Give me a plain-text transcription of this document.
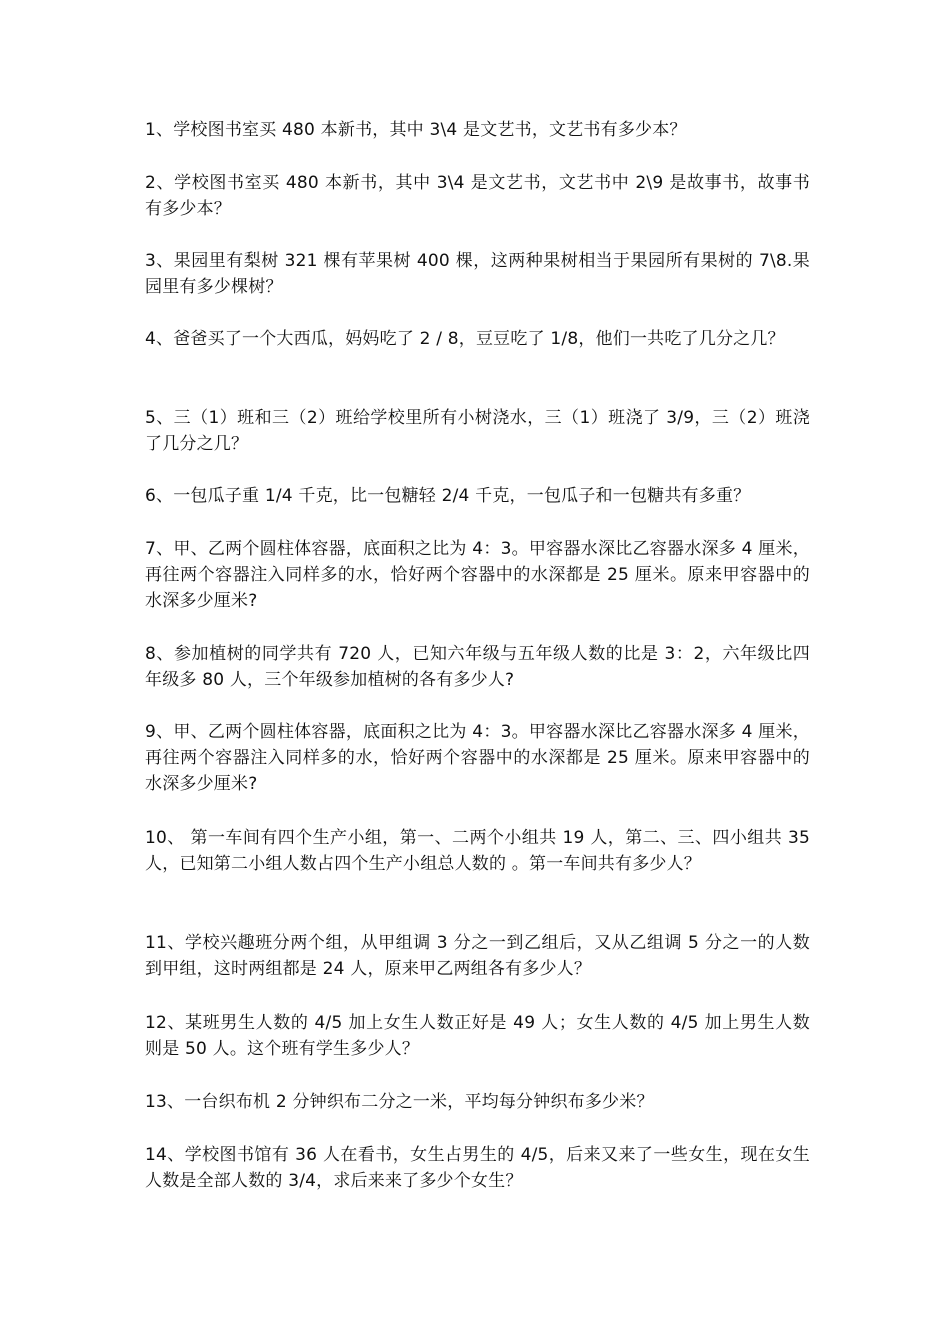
1、学校图书室买 480 本新书，其中 3\4 是文艺书，文艺书有多少本？

2、学校图书室买 480 本新书，其中 3\4 是文艺书，文艺书中 2\9 是故事书，故事书有多少本？

3、果园里有梨树 321 棵有苹果树 400 棵，这两种果树相当于果园所有果树的 7\8.果园里有多少棵树？

4、爸爸买了一个大西瓜，妈妈吃了 2 / 8，豆豆吃了 1/8，他们一共吃了几分之几？

5、三（1）班和三（2）班给学校里所有小树浇水，三（1）班浇了 3/9，三（2）班浇了几分之几？

6、一包瓜子重 1/4 千克，比一包糖轻 2/4 千克，一包瓜子和一包糖共有多重？

7、甲、乙两个圆柱体容器，底面积之比为 4：3。甲容器水深比乙容器水深多 4 厘米，再往两个容器注入同样多的水，恰好两个容器中的水深都是 25 厘米。原来甲容器中的水深多少厘米?

8、参加植树的同学共有 720 人，已知六年级与五年级人数的比是 3：2，六年级比四年级多 80 人，三个年级参加植树的各有多少人?

9、甲、乙两个圆柱体容器，底面积之比为 4：3。甲容器水深比乙容器水深多 4 厘米，再往两个容器注入同样多的水，恰好两个容器中的水深都是 25 厘米。原来甲容器中的水深多少厘米?

10、 第一车间有四个生产小组，第一、二两个小组共 19 人，第二、三、四小组共 35 人，已知第二小组人数占四个生产小组总人数的 。第一车间共有多少人？

11、学校兴趣班分两个组，从甲组调 3 分之一到乙组后，又从乙组调 5 分之一的人数到甲组，这时两组都是 24 人，原来甲乙两组各有多少人？

12、某班男生人数的 4/5 加上女生人数正好是 49 人；女生人数的 4/5 加上男生人数则是 50 人。这个班有学生多少人？

13、一台织布机 2 分钟织布二分之一米，平均每分钟织布多少米？

14、学校图书馆有 36 人在看书，女生占男生的 4/5，后来又来了一些女生，现在女生人数是全部人数的 3/4，求后来来了多少个女生？
